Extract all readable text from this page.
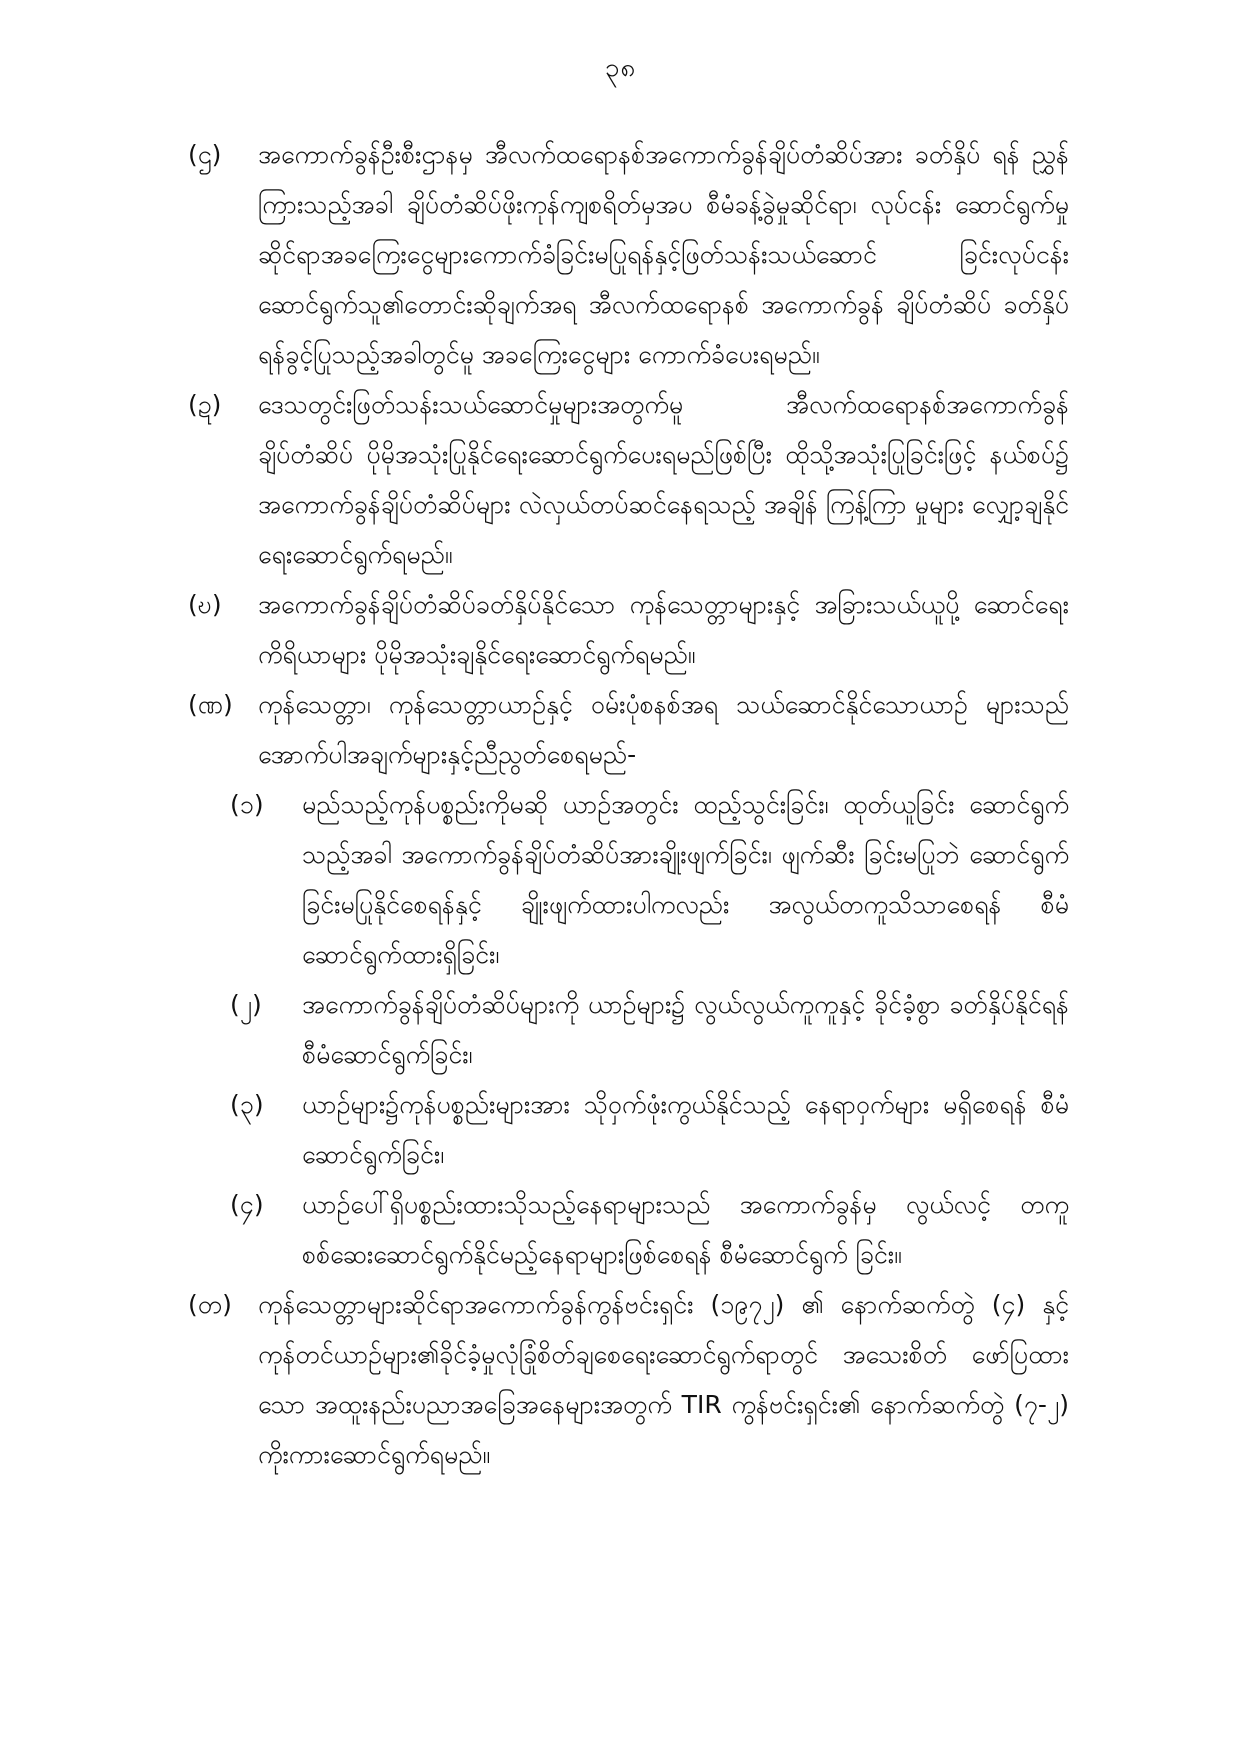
၃၈
(ဌ)	အကောက်ခွန်ဦးစီးဌာနမှ အီလက်ထရောနစ်အကောက်ခွန်ချိပ်တံဆိပ်အား ခတ်နှိပ် ရန် ညွှန်ကြားသည့်အခါ ချိပ်တံဆိပ်ဖိုးကုန်ကျစရိတ်မှအပ စီမံခန့်ခွဲမှုဆိုင်ရာ၊ လုပ်ငန်း ဆောင်ရွက်မှုဆိုင်ရာအခကြေးငွေများကောက်ခံခြင်းမပြုရန်နှင့်ဖြတ်သန်းသယ်ဆောင် ခြင်းလုပ်ငန်းဆောင်ရွက်သူ၏တောင်းဆိုချက်အရ အီလက်ထရောနစ် အကောက်ခွန် ချိပ်တံဆိပ် ခတ်နှိပ်ရန်ခွင့်ပြုသည့်အခါတွင်မူ အခကြေးငွေများ ကောက်ခံပေးရမည်။
(ဍ)	ဒေသတွင်းဖြတ်သန်းသယ်ဆောင်မှုများအတွက်မူ အီလက်ထရောနစ်အကောက်ခွန် ချိပ်တံဆိပ် ပိုမိုအသုံးပြုနိုင်ရေးဆောင်ရွက်ပေးရမည်ဖြစ်ပြီး ထိုသို့အသုံးပြုခြင်းဖြင့် နယ်စပ်၌ အကောက်ခွန်ချိပ်တံဆိပ်များ လဲလှယ်တပ်ဆင်နေရသည့် အချိန် ကြန့်ကြာ မှုများ လျှော့ချနိုင်ရေးဆောင်ရွက်ရမည်။
(ဎ)	အကောက်ခွန်ချိပ်တံဆိပ်ခတ်နှိပ်နိုင်သော ကုန်သေတ္တာများနှင့် အခြားသယ်ယူပို့ ဆောင်ရေးကိရိယာများ ပိုမိုအသုံးချနိုင်ရေးဆောင်ရွက်ရမည်။
(ဏ)	ကုန်သေတ္တာ၊ ကုန်သေတ္တာယာဉ်နှင့် ဝမ်းပုံစနစ်အရ သယ်ဆောင်နိုင်သောယာဉ် များသည် အောက်ပါအချက်များနှင့်ညီညွတ်စေရမည်-
(၁)	မည်သည့်ကုန်ပစ္စည်းကိုမဆို ယာဉ်အတွင်း ထည့်သွင်းခြင်း၊ ထုတ်ယူခြင်း ဆောင်ရွက်သည့်အခါ အကောက်ခွန်ချိပ်တံဆိပ်အားချိုးဖျက်ခြင်း၊ ဖျက်ဆီး ခြင်းမပြုဘဲ ဆောင်ရွက်ခြင်းမပြုနိုင်စေရန်နှင့် ချိုးဖျက်ထားပါကလည်း အလွယ်တကူသိသာစေရန် စီမံဆောင်ရွက်ထားရှိခြင်း၊
(၂)	အကောက်ခွန်ချိပ်တံဆိပ်များကို ယာဉ်များ၌ လွယ်လွယ်ကူကူနှင့် ခိုင်ခံ့စွာ ခတ်နှိပ်နိုင်ရန် စီမံဆောင်ရွက်ခြင်း၊
(၃)	ယာဉ်များ၌ကုန်ပစ္စည်းများအား သိုဝှက်ဖုံးကွယ်နိုင်သည့် နေရာဝှက်များ မရှိစေရန် စီမံဆောင်ရွက်ခြင်း၊
(၄)	ယာဉ်ပေါ်ရှိပစ္စည်းထားသိုသည့်နေရာများသည် အကောက်ခွန်မှ လွယ်လင့် တကူ စစ်ဆေးဆောင်ရွက်နိုင်မည့်နေရာများဖြစ်စေရန် စီမံဆောင်ရွက် ခြင်း။
(တ)	ကုန်သေတ္တာများဆိုင်ရာအကောက်ခွန်ကွန်ဗင်းရှင်း (၁၉၇၂) ၏ နောက်ဆက်တွဲ (၄) နှင့် ကုန်တင်ယာဉ်များ၏ခိုင်ခံ့မှုလုံခြုံစိတ်ချစေရေးဆောင်ရွက်ရာတွင် အသေးစိတ် ဖော်ပြထားသော အထူးနည်းပညာအခြေအနေများအတွက် TIR ကွန်ဗင်းရှင်း၏ နောက်ဆက်တွဲ (၇-၂) ကိုးကားဆောင်ရွက်ရမည်။
